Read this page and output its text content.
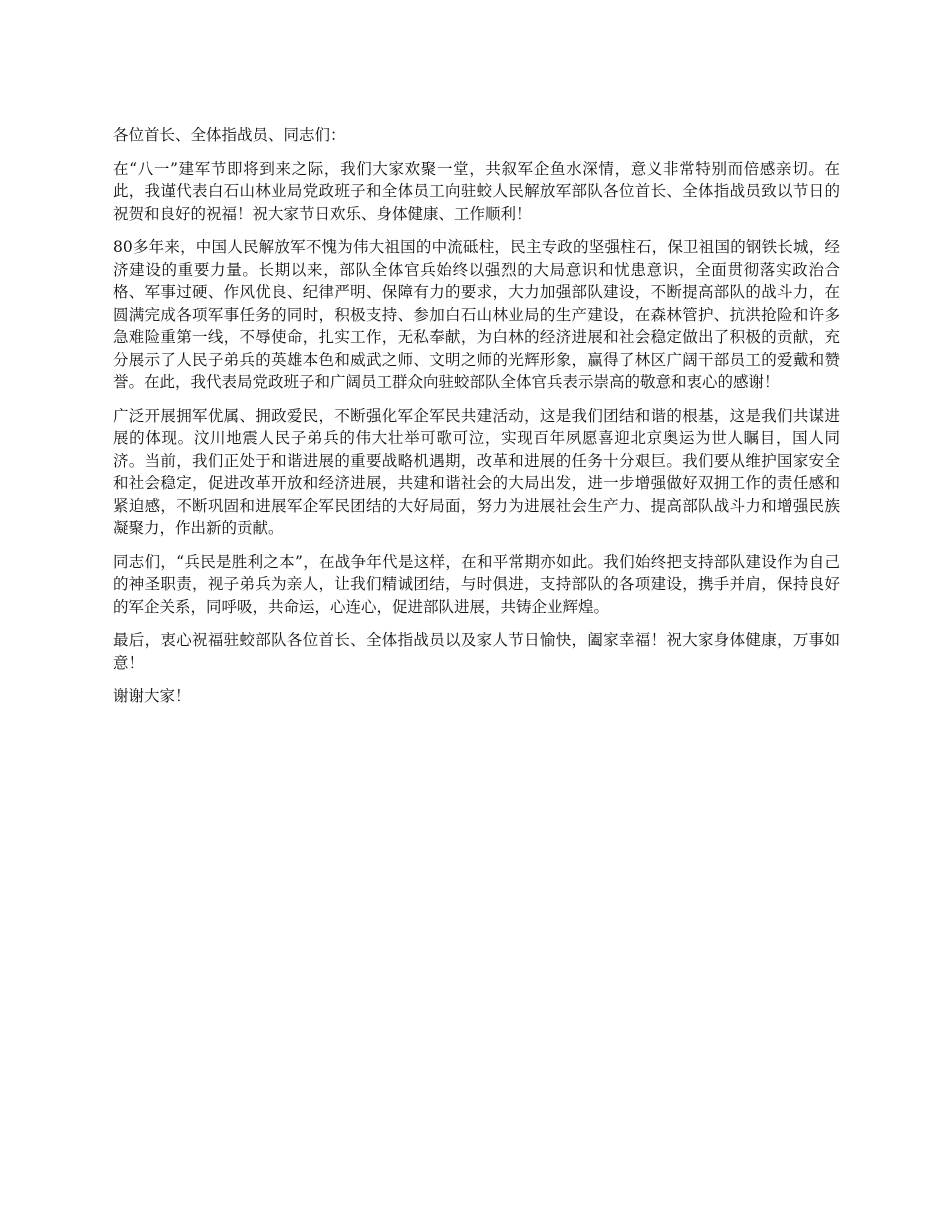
各位首长、全体指战员、同志们：

在“八一”建军节即将到来之际，我们大家欢聚一堂，共叙军企鱼水深情，意义非常特别而倍感亲切。在此，我谨代表白石山林业局党政班子和全体员工向驻蛟人民解放军部队各位首长、全体指战员致以节日的祝贺和良好的祝福！祝大家节日欢乐、身体健康、工作顺利！

80多年来，中国人民解放军不愧为伟大祖国的中流砥柱，民主专政的坚强柱石，保卫祖国的钢铁长城，经济建设的重要力量。长期以来，部队全体官兵始终以强烈的大局意识和忧患意识，全面贯彻落实政治合格、军事过硬、作风优良、纪律严明、保障有力的要求，大力加强部队建设，不断提高部队的战斗力，在圆满完成各项军事任务的同时，积极支持、参加白石山林业局的生产建设，在森林管护、抗洪抢险和许多急难险重第一线，不辱使命，扎实工作，无私奉献，为白林的经济进展和社会稳定做出了积极的贡献，充分展示了人民子弟兵的英雄本色和威武之师、文明之师的光辉形象，赢得了林区广阔干部员工的爱戴和赞誉。在此，我代表局党政班子和广阔员工群众向驻蛟部队全体官兵表示崇高的敬意和衷心的感谢！

广泛开展拥军优属、拥政爱民，不断强化军企军民共建活动，这是我们团结和谐的根基，这是我们共谋进展的体现。汶川地震人民子弟兵的伟大壮举可歌可泣，实现百年夙愿喜迎北京奥运为世人瞩目，国人同济。当前，我们正处于和谐进展的重要战略机遇期，改革和进展的任务十分艰巨。我们要从维护国家安全和社会稳定，促进改革开放和经济进展，共建和谐社会的大局出发，进一步增强做好双拥工作的责任感和紧迫感，不断巩固和进展军企军民团结的大好局面，努力为进展社会生产力、提高部队战斗力和增强民族凝聚力，作出新的贡献。

同志们，“兵民是胜利之本”，在战争年代是这样，在和平常期亦如此。我们始终把支持部队建设作为自己的神圣职责，视子弟兵为亲人，让我们精诚团结，与时俱进，支持部队的各项建设，携手并肩，保持良好的军企关系，同呼吸，共命运，心连心，促进部队进展，共铸企业辉煌。

最后，衷心祝福驻蛟部队各位首长、全体指战员以及家人节日愉快，阖家幸福！祝大家身体健康，万事如意！

谢谢大家！
